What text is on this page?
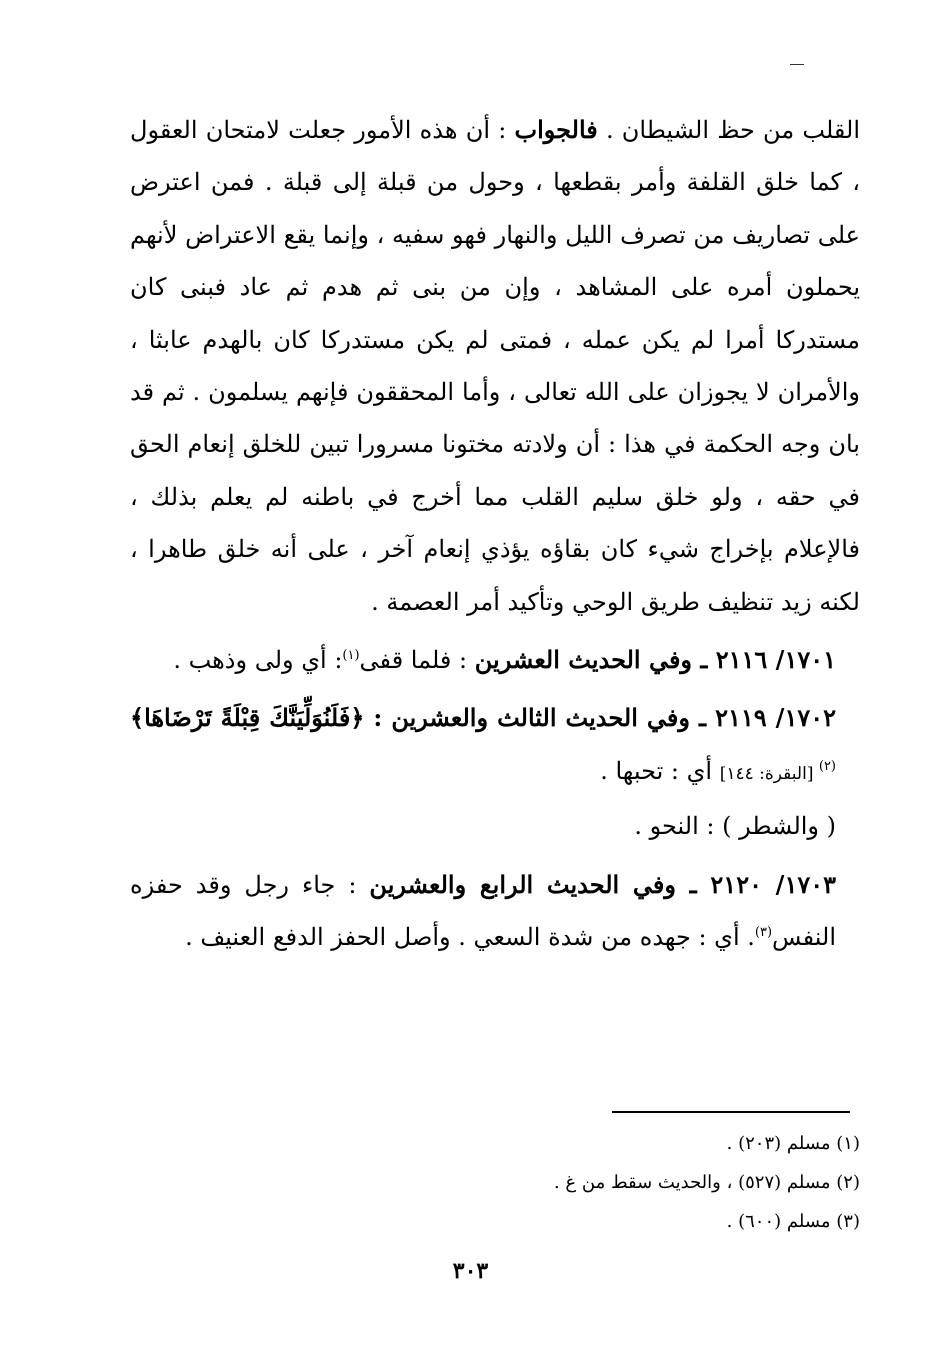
القلب من حظ الشيطان . فالجواب : أن هذه الأمور جعلت لامتحان العقول ، كما خلق القلفة وأمر بقطعها ، وحول من قبلة إلى قبلة . فمن اعترض على تصاريف من تصرف الليل والنهار فهو سفيه ، وإنما يقع الاعتراض لأنهم يحملون أمره على المشاهد ، وإن من بنى ثم هدم ثم عاد فبنى كان مستدركا أمرا لم يكن عمله ، فمتى لم يكن مستدركا كان بالهدم عابثا ، والأمران لا يجوزان على الله تعالى ، وأما المحققون فإنهم يسلمون . ثم قد بان وجه الحكمة في هذا : أن ولادته مختونا مسرورا تبين للخلق إنعام الحق في حقه ، ولو خلق سليم القلب مما أخرج في باطنه لم يعلم بذلك ، فالإعلام بإخراج شيء كان بقاؤه يؤذي إنعام آخر ، على أنه خلق طاهرا ، لكنه زيد تنظيف طريق الوحي وتأكيد أمر العصمة .

١٧٠١/ ٢١١٦ ـ وفي الحديث العشرين : فلما قفى$^{(١)}$: أي ولى وذهب .

١٧٠٢/ ٢١١٩ ـ وفي الحديث الثالث والعشرين : ﴿فَلَنُوَلِّيَنَّكَ قِبْلَةً تَرْضَاهَا﴾$^{(٢)}$ [البقرة: ١٤٤] أي : تحبها .

( والشطر ) : النحو .

١٧٠٣/ ٢١٢٠ ـ وفي الحديث الرابع والعشرين : جاء رجل وقد حفزه النفس$^{(٣)}$. أي : جهده من شدة السعي . وأصل الحفز الدفع العنيف .

(١) مسلم (٢٠٣) .

(٢) مسلم (٥٢٧) ، والحديث سقط من غ .

(٣) مسلم (٦٠٠) .

٣٠٣
